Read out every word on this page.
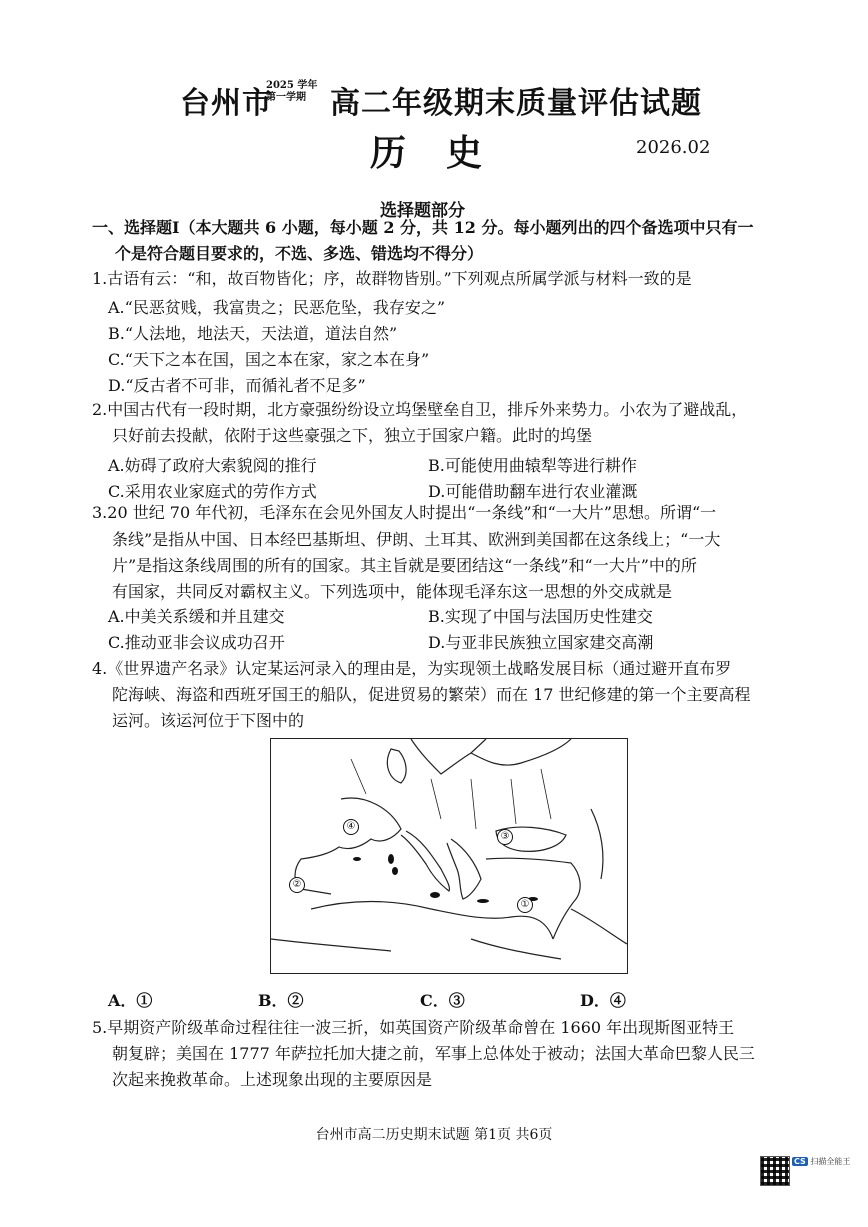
台州市
2025 学年
第一学期 高二年级期末质量评估试题
历史	2026.02
选择题部分
一、选择题Ⅰ（本大题共 6 小题，每小题 2 分，共 12 分。每小题列出的四个备选项中只有一
个是符合题目要求的，不选、多选、错选均不得分）
1.古语有云：“和，故百物皆化；序，故群物皆别。”下列观点所属学派与材料一致的是
A.“民恶贫贱，我富贵之；民恶危坠，我存安之”
B.“人法地，地法天，天法道，道法自然”
C.“天下之本在国，国之本在家，家之本在身”
D.“反古者不可非，而循礼者不足多”
2.中国古代有一段时期，北方豪强纷纷设立坞堡壁垒自卫，排斥外来势力。小农为了避战乱，
只好前去投献，依附于这些豪强之下，独立于国家户籍。此时的坞堡
A.妨碍了政府大索貌阅的推行	B.可能使用曲辕犁等进行耕作
C.采用农业家庭式的劳作方式	D.可能借助翻车进行农业灌溉
3.20 世纪 70 年代初，毛泽东在会见外国友人时提出“一条线”和“一大片”思想。所谓“一
条线”是指从中国、日本经巴基斯坦、伊朗、土耳其、欧洲到美国都在这条线上；“一大
片”是指这条线周围的所有的国家。其主旨就是要团结这“一条线”和“一大片”中的所
有国家，共同反对霸权主义。下列选项中，能体现毛泽东这一思想的外交成就是
A.中美关系缓和并且建交	B.实现了中国与法国历史性建交
C.推动亚非会议成功召开	D.与亚非民族独立国家建交高潮
4.《世界遗产名录》认定某运河录入的理由是，为实现领土战略发展目标（通过避开直布罗
陀海峡、海盗和西班牙国王的船队，促进贸易的繁荣）而在 17 世纪修建的第一个主要高程
运河。该运河位于下图中的
④
③
②
①
A．①	B．②	C．③	D．④
5.早期资产阶级革命过程往往一波三折，如英国资产阶级革命曾在 1660 年出现斯图亚特王
朝复辟；美国在 1777 年萨拉托加大捷之前，军事上总体处于被动；法国大革命巴黎人民三
次起来挽救革命。上述现象出现的主要原因是
台州市高二历史期末试题 第1页 共6页
CS 扫描全能王
